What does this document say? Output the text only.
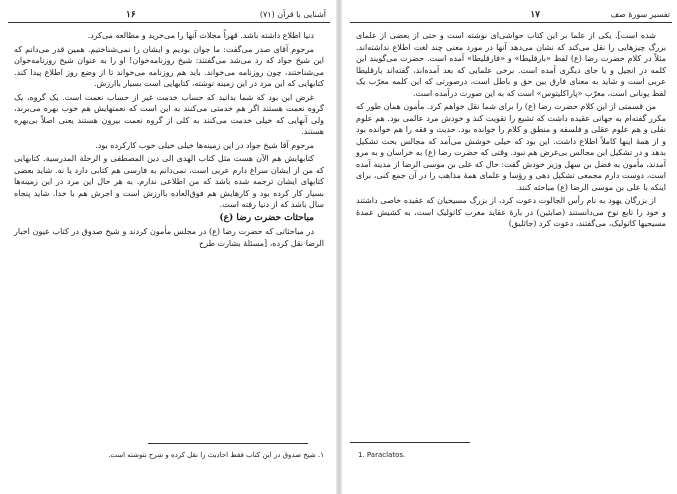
۱۶	آشنایی با قرآن (۷۱)

دنیا اطلاع داشته باشد. قهراً مجلات آنها را می‌خرید و مطالعه می‌کرد.

مرحوم آقای صدر می‌گفت: ما جوان بودیم و ایشان را نمی‌شناختیم. همین قدر می‌دانم که این شیخ جواد که رد می‌شد می‌گفتند: شیخ روزنامه‌خوان! او را به عنوان شیخ روزنامه‌خوان می‌شناختند، چون روزنامه می‌خواند. باید هم روزنامه می‌خواند تا از وضع روز اطلاع پیدا کند. کتابهایی که این مرد در این زمینه نوشته، کتابهایی است بسیار باارزش.

غرض این بود که شما بدانید که حساب خدمت غیر از حساب نعمت است. یک گروه، یک گروه نعمت هستند اگر هم خدمتی می‌کنند به این است که نعمتهایش هم خوب بهره می‌برند، ولی آنهایی که خیلی خدمت می‌کنند به کلی از گروه نعمت بیرون هستند یعنی اصلاً بی‌بهره هستند.

مرحوم آقا شیخ جواد در این زمینه‌ها خیلی خیلی خوب کارکرده بود.

کتابهایش هم الآن هست مثل کتاب الهدی الی دین المصطفی و الرحلة المدرسیة. کتابهایی که من از ایشان سراغ دارم عربی است، نمی‌دانم به فارسی هم کتابی دارد یا نه. شاید بعضی کتابهای ایشان ترجمه شده باشد که من اطلاعی ندارم. به هر حال این مرد در این زمینه‌ها بسیار کار کرده بود و کارهایش هم فوق‌العاده باارزش است و اجرش هم با خدا. شاید پنجاه سال باشد که از دنیا رفته است.

مباحثات حضرت رضا (ع)

در مباحثاتی که حضرت رضا (ع) در مجلس مأمون کردند و شیخ صدوق در کتاب عیون اخبار الرضا نقل کرده، [مسئلهٔ بشارت طرح

۱. شیخ صدوق در این کتاب فقط احادیث را نقل کرده و شرح ننوشته است.
تفسیر سورهٔ صف
۱۷

شده است]. یکی از علما بر این کتاب حواشی‌ای نوشته است و حتی از بعضی از علمای بزرگ چیزهایی را نقل می‌کند که نشان می‌دهد آنها در مورد معنی چند لغت اطلاع نداشته‌اند. مثلاً در کلام حضرت رضا (ع) لفظ «بارقلیطا» و «فارقلیطا» آمده است. حضرت می‌گویند این کلمه در انجیل و یا جای دیگری آمده است. برخی علمایی که بعد آمده‌اند، گفته‌اند بارقلیطا عربی است و شاید به معنای فارق بین حق و باطل است، درصورتی که این کلمه معرّب یک لفظ یونانی است، معرّب «پاراکلیتوس» است که به این صورت درآمده است.

من قسمتی از این کلام حضرت رضا (ع) را برای شما نقل خواهم کرد. مأمون همان طور که مکرر گفته‌ام به جهاتی عقیده داشت که تشیع را تقویت کند و خودش مرد عالمی بود. هم علوم نقلی و هم علوم عقلی و فلسفه و منطق و کلام را خوانده بود. حدیث و فقه را هم خوانده بود و از همهٔ اینها کاملاً اطلاع داشت. این بود که خیلی خوشش می‌آمد که مجالس بحث تشکیل بدهد و در تشکیل این مجالس بی‌غرض هم نبود. وقتی که حضرت رضا (ع) به خراسان و به مرو آمدند، مأمون به فضل بن سهل وزیر خودش گفت: حال که علی بن موسی الرضا از مدینه آمده است، دوست دارم مجمعی تشکیل دهی و رؤسا و علمای همهٔ مذاهب را در آن جمع کنی، برای اینکه با علی بن موسی الرضا (ع) مباحثه کنند.

از بزرگان یهود به نام رأس الجالوت دعوت کرد، از بزرگ مسیحیان که عقیده خاصی داشتند و خود را تابع نوح می‌دانستند (صابئین) در بارهٔ عقاید مغرب کاتولیک است، به کشیش عمدهٔ مسیحیها کاتولیک، می‌گفتند، دعوت کرد (جاثلیق)

1. Paraclatos.
